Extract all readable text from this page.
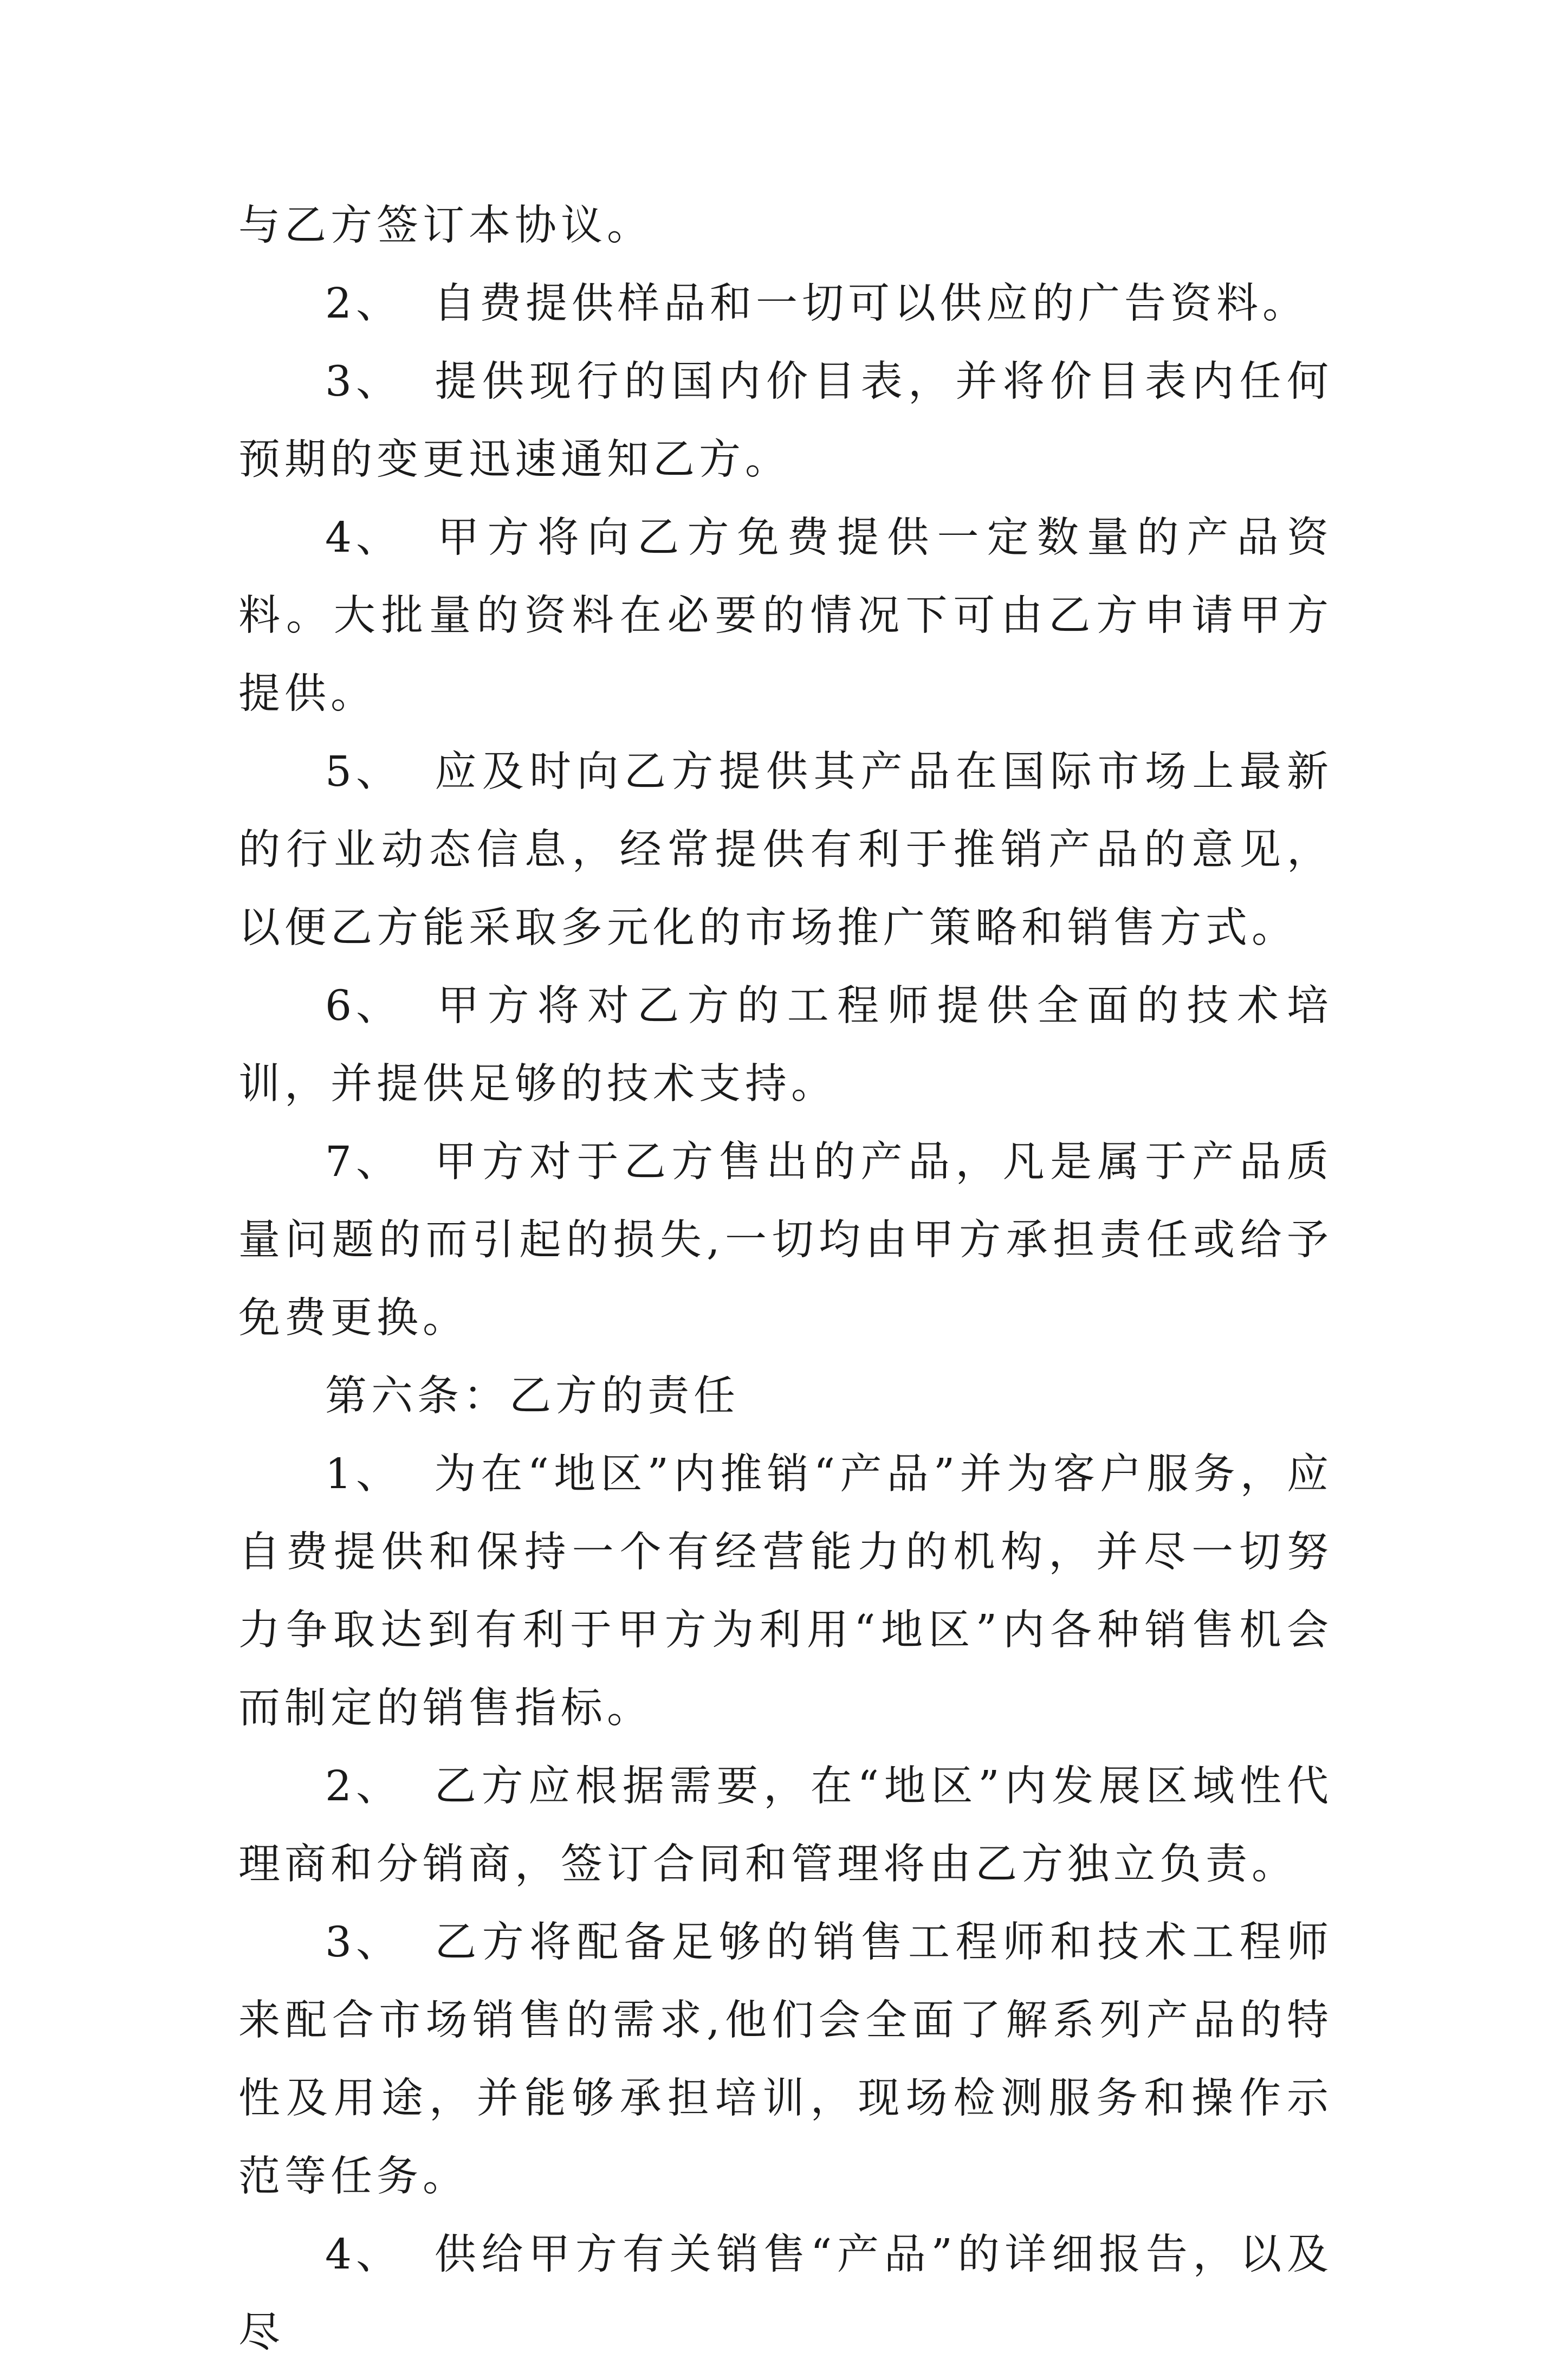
与乙方签订本协议。

2、 自费提供样品和一切可以供应的广告资料。

3、 提供现行的国内价目表，并将价目表内任何预期的变更迅速通知乙方。

4、 甲方将向乙方免费提供一定数量的产品资料。大批量的资料在必要的情况下可由乙方申请甲方提供。

5、 应及时向乙方提供其产品在国际市场上最新的行业动态信息，经常提供有利于推销产品的意见，以便乙方能采取多元化的市场推广策略和销售方式。

6、 甲方将对乙方的工程师提供全面的技术培训，并提供足够的技术支持。

7、 甲方对于乙方售出的产品，凡是属于产品质量问题的而引起的损失,一切均由甲方承担责任或给予免费更换。

第六条：乙方的责任

1、 为在“地区”内推销“产品”并为客户服务，应自费提供和保持一个有经营能力的机构，并尽一切努力争取达到有利于甲方为利用“地区”内各种销售机会而制定的销售指标。

2、 乙方应根据需要，在“地区”内发展区域性代理商和分销商，签订合同和管理将由乙方独立负责。

3、 乙方将配备足够的销售工程师和技术工程师来配合市场销售的需求,他们会全面了解系列产品的特性及用途，并能够承担培训，现场检测服务和操作示范等任务。

4、 供给甲方有关销售“产品”的详细报告，以及尽
